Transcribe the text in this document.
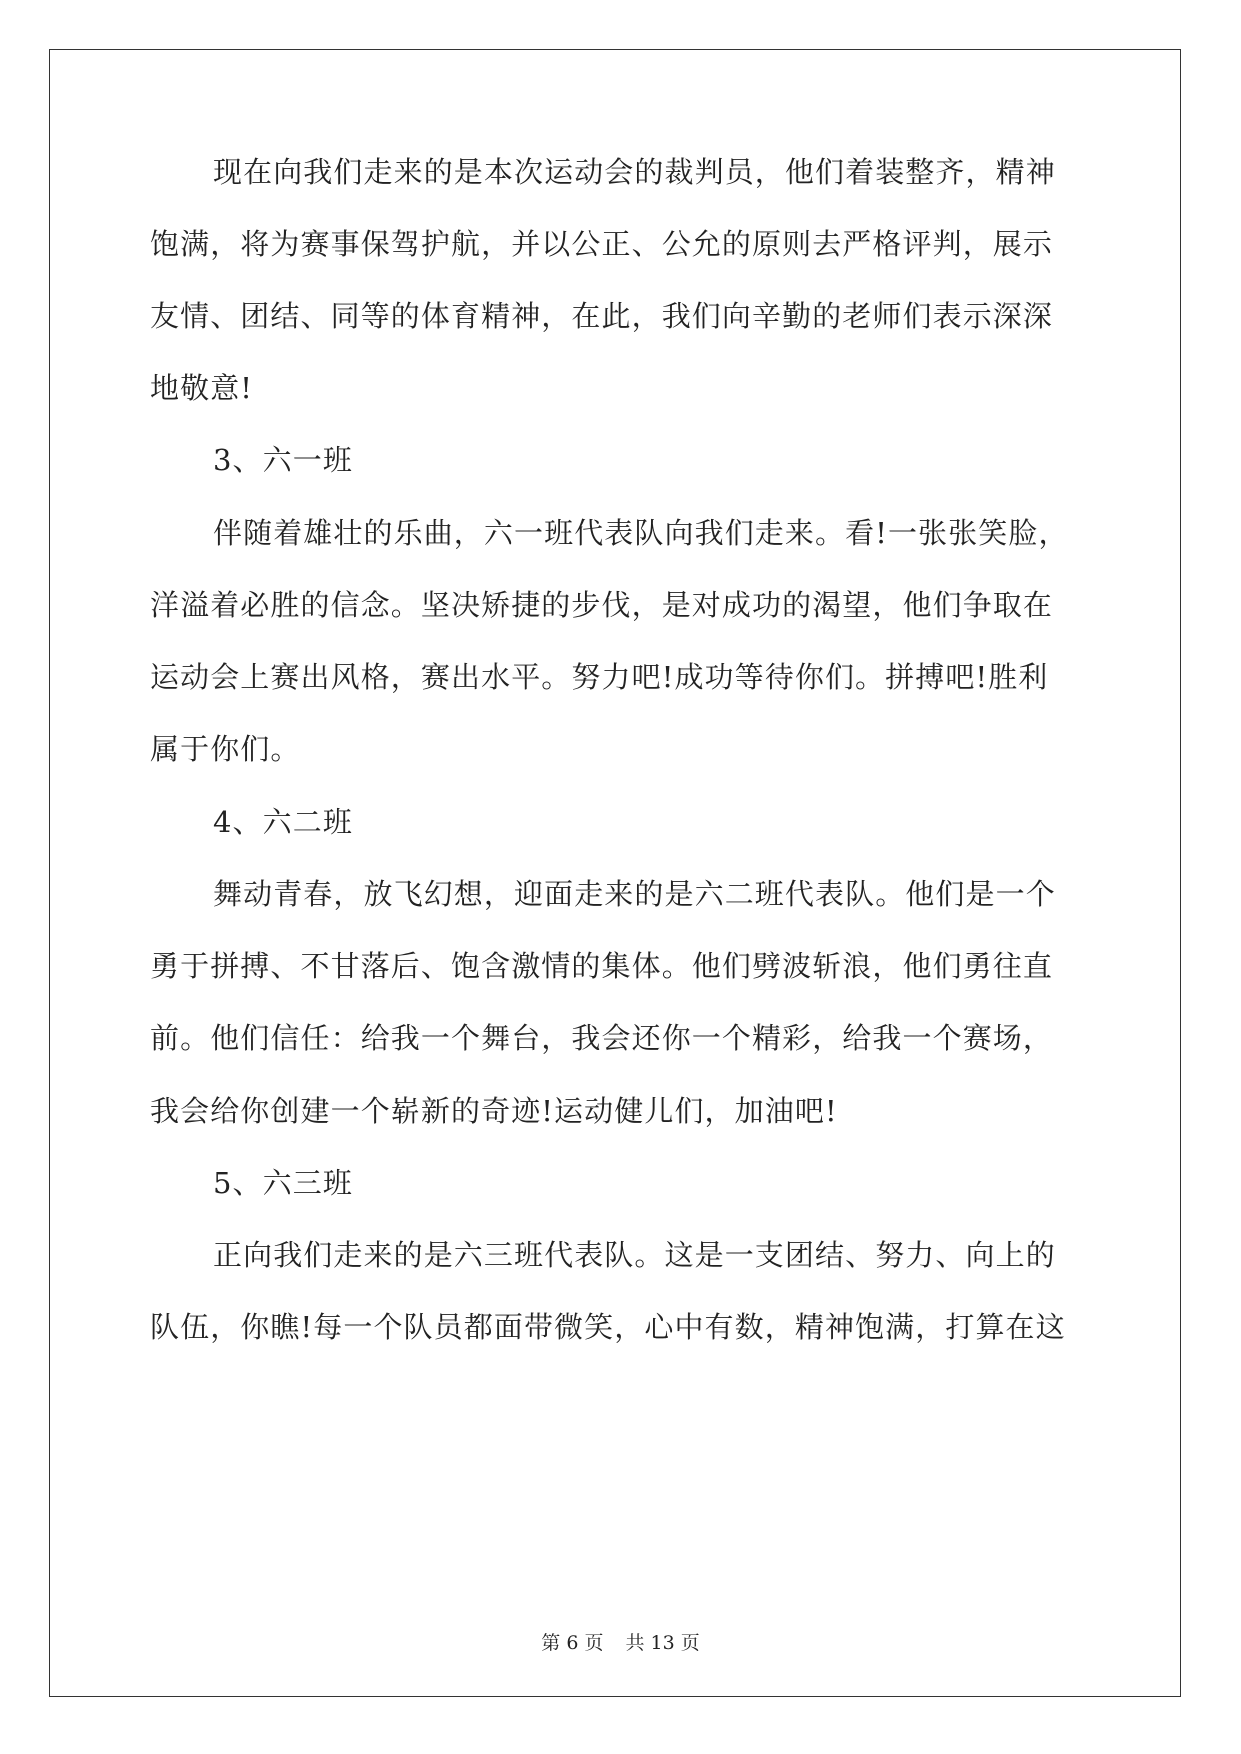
现在向我们走来的是本次运动会的裁判员，他们着装整齐，精神
饱满，将为赛事保驾护航，并以公正、公允的原则去严格评判，展示
友情、团结、同等的体育精神，在此，我们向辛勤的老师们表示深深
地敬意!
3、六一班
伴随着雄壮的乐曲，六一班代表队向我们走来。看!一张张笑脸，
洋溢着必胜的信念。坚决矫捷的步伐，是对成功的渴望，他们争取在
运动会上赛出风格，赛出水平。努力吧!成功等待你们。拼搏吧!胜利
属于你们。
4、六二班
舞动青春，放飞幻想，迎面走来的是六二班代表队。他们是一个
勇于拼搏、不甘落后、饱含激情的集体。他们劈波斩浪，他们勇往直
前。他们信任：给我一个舞台，我会还你一个精彩，给我一个赛场，
我会给你创建一个崭新的奇迹!运动健儿们，加油吧!
5、六三班
正向我们走来的是六三班代表队。这是一支团结、努力、向上的
队伍，你瞧!每一个队员都面带微笑，心中有数，精神饱满，打算在这
第 6 页 共 13 页
